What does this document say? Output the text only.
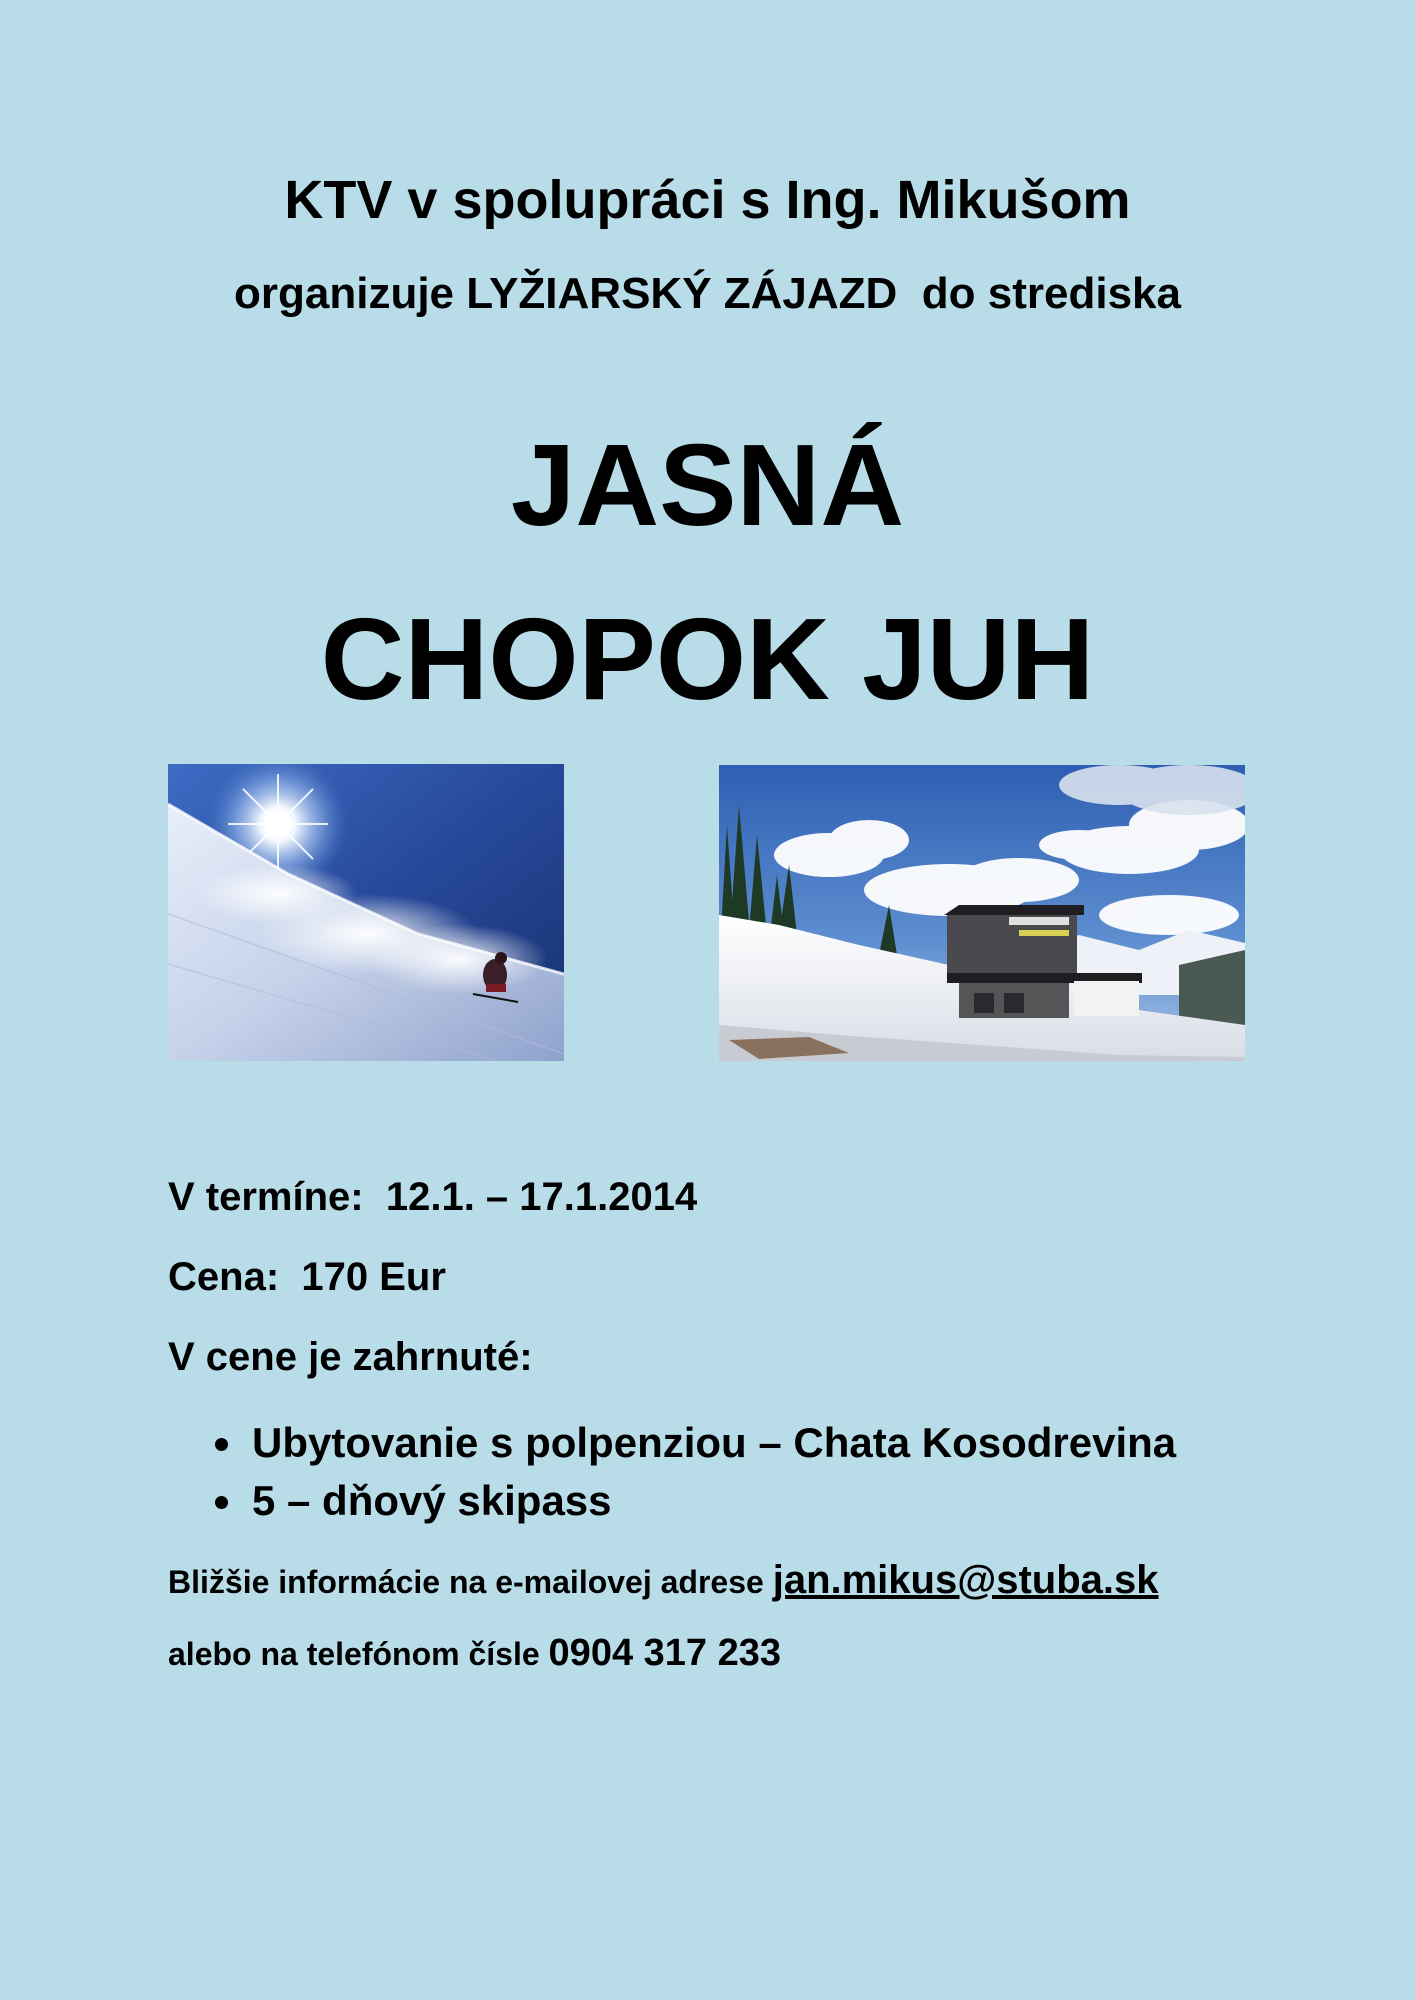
KTV v spolupráci s Ing. Mikušom
organizuje LYŽIARSKÝ ZÁJAZD  do strediska
JASNÁ
CHOPOK JUH
V termíne: 12.1. – 17.1.2014
Cena: 170 Eur
V cene je zahrnuté:
Ubytovanie s polpenziou – Chata Kosodrevina
5 – dňový skipass
Bližšie informácie na e-mailovej adrese jan.mikus@stuba.sk
alebo na telefónom čísle 0904 317 233
